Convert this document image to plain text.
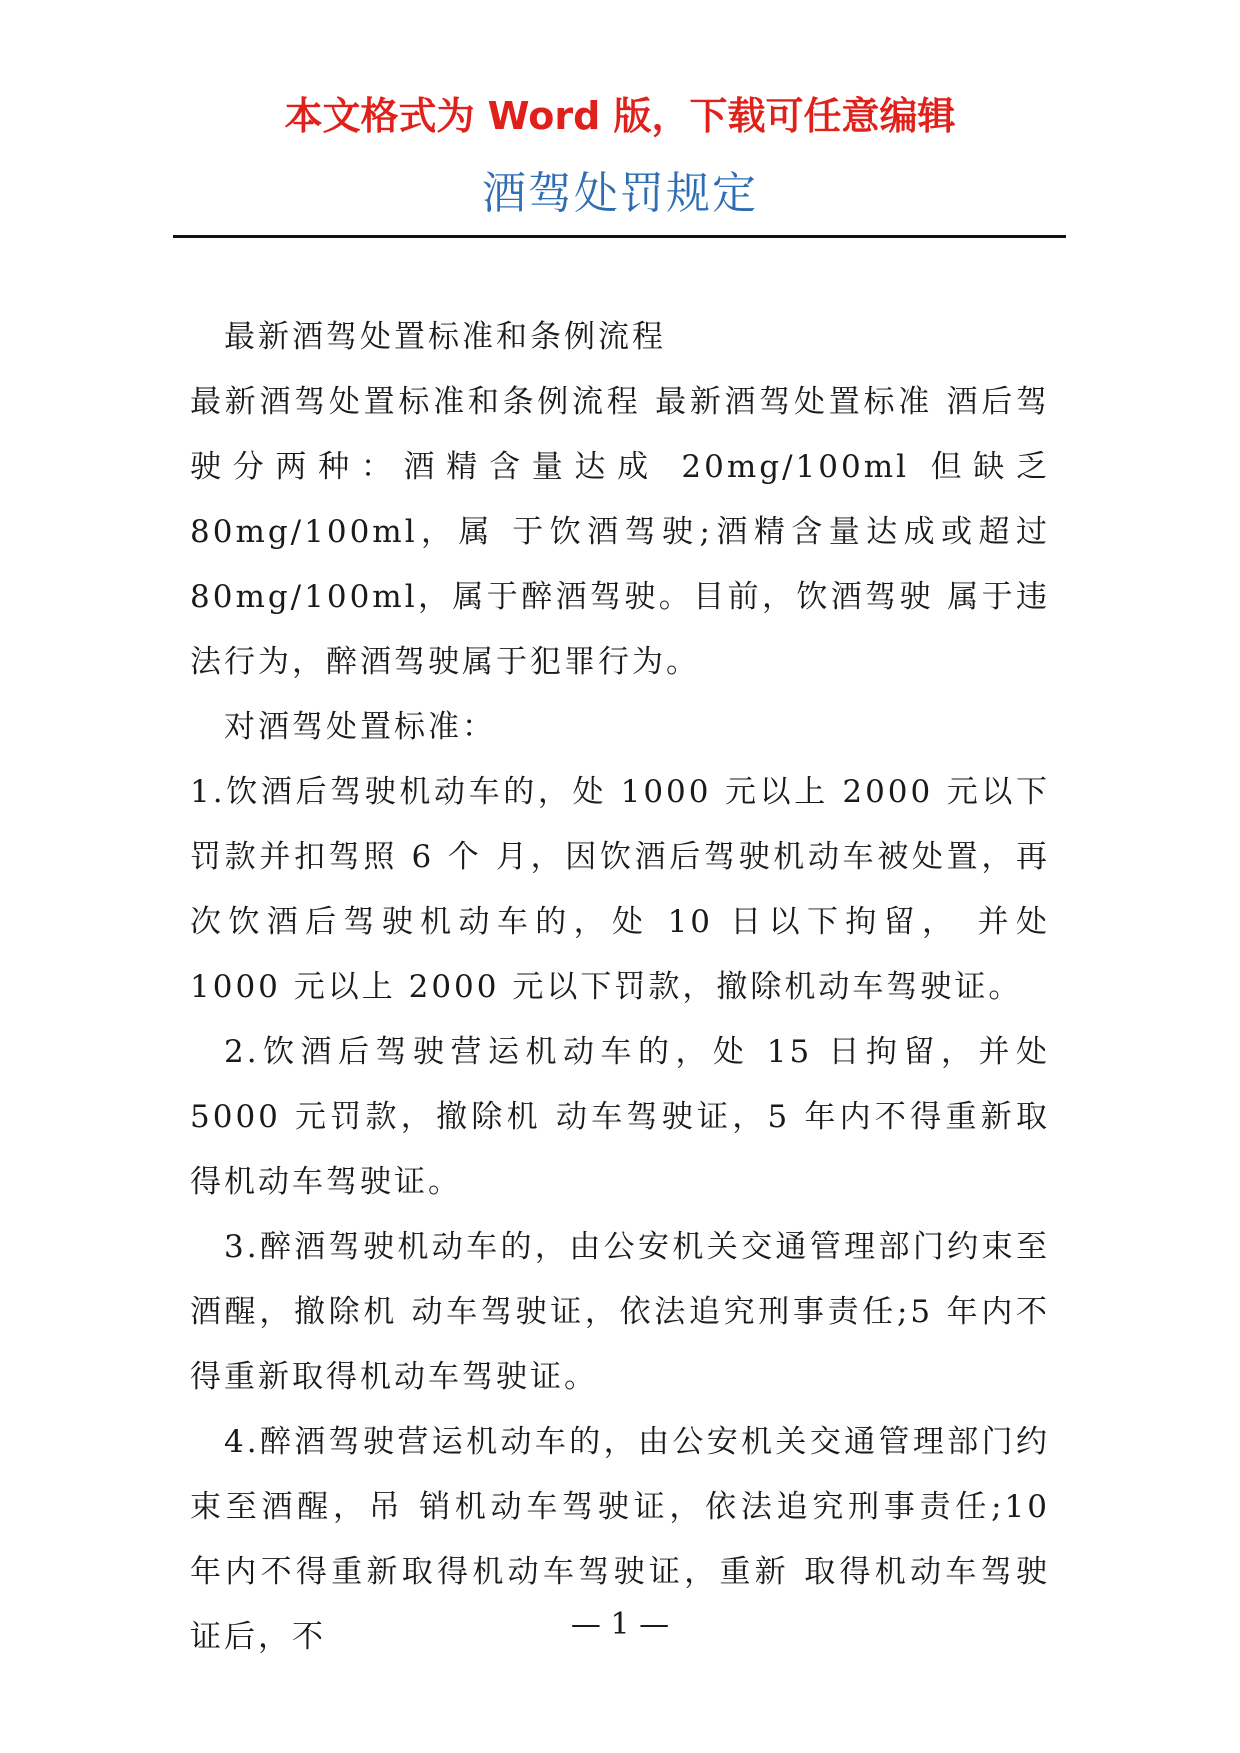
本文格式为 Word 版，下载可任意编辑
酒驾处罚规定

最新酒驾处置标准和条例流程

最新酒驾处置标准和条例流程 最新酒驾处置标准 酒后驾驶分两种：酒精含量达成 20mg/100ml 但缺乏 80mg/100ml，属 于饮酒驾驶;酒精含量达成或超过 80mg/100ml，属于醉酒驾驶。目前，饮酒驾驶 属于违法行为，醉酒驾驶属于犯罪行为。

对酒驾处置标准：

1.饮酒后驾驶机动车的，处 1000 元以上 2000 元以下罚款并扣驾照 6 个 月，因饮酒后驾驶机动车被处置，再次饮酒后驾驶机动车的，处 10 日以下拘留， 并处 1000 元以上 2000 元以下罚款，撤除机动车驾驶证。

2.饮酒后驾驶营运机动车的，处 15 日拘留，并处 5000 元罚款，撤除机 动车驾驶证，5 年内不得重新取得机动车驾驶证。

3.醉酒驾驶机动车的，由公安机关交通管理部门约束至酒醒，撤除机 动车驾驶证，依法追究刑事责任;5 年内不得重新取得机动车驾驶证。

4.醉酒驾驶营运机动车的，由公安机关交通管理部门约束至酒醒，吊 销机动车驾驶证，依法追究刑事责任;10 年内不得重新取得机动车驾驶证，重新 取得机动车驾驶证后，不	— 1 —
